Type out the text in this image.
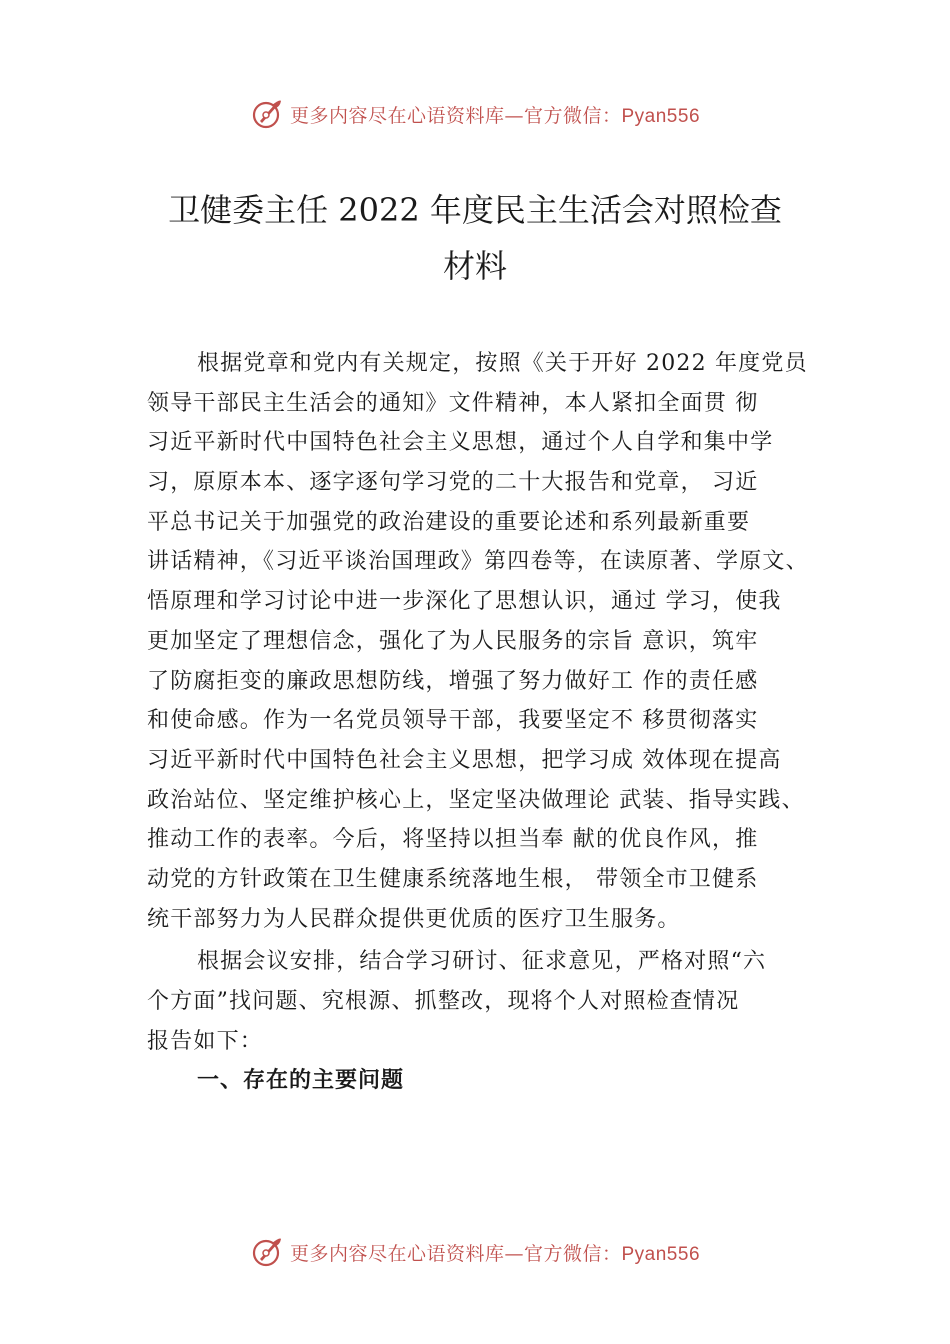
更多内容尽在心语资料库—官方微信：Pyan556
卫健委主任 2022 年度民主生活会对照检查
材料
根据党章和党内有关规定，按照《关于开好 2022 年度党员
领导干部民主生活会的通知》文件精神，本人紧扣全面贯 彻
习近平新时代中国特色社会主义思想，通过个人自学和集中学
习，原原本本、逐字逐句学习党的二十大报告和党章， 习近
平总书记关于加强党的政治建设的重要论述和系列最新重要
讲话精神，《习近平谈治国理政》第四卷等，在读原著、学原文、
悟原理和学习讨论中进一步深化了思想认识，通过 学习，使我
更加坚定了理想信念，强化了为人民服务的宗旨 意识，筑牢
了防腐拒变的廉政思想防线，增强了努力做好工 作的责任感
和使命感。作为一名党员领导干部，我要坚定不 移贯彻落实
习近平新时代中国特色社会主义思想，把学习成 效体现在提高
政治站位、坚定维护核心上，坚定坚决做理论 武装、指导实践、
推动工作的表率。今后，将坚持以担当奉 献的优良作风，推
动党的方针政策在卫生健康系统落地生根， 带领全市卫健系
统干部努力为人民群众提供更优质的医疗卫生服务。
根据会议安排，结合学习研讨、征求意见，严格对照“六
个方面”找问题、究根源、抓整改，现将个人对照检查情况
报告如下：
一、存在的主要问题
更多内容尽在心语资料库—官方微信：Pyan556
